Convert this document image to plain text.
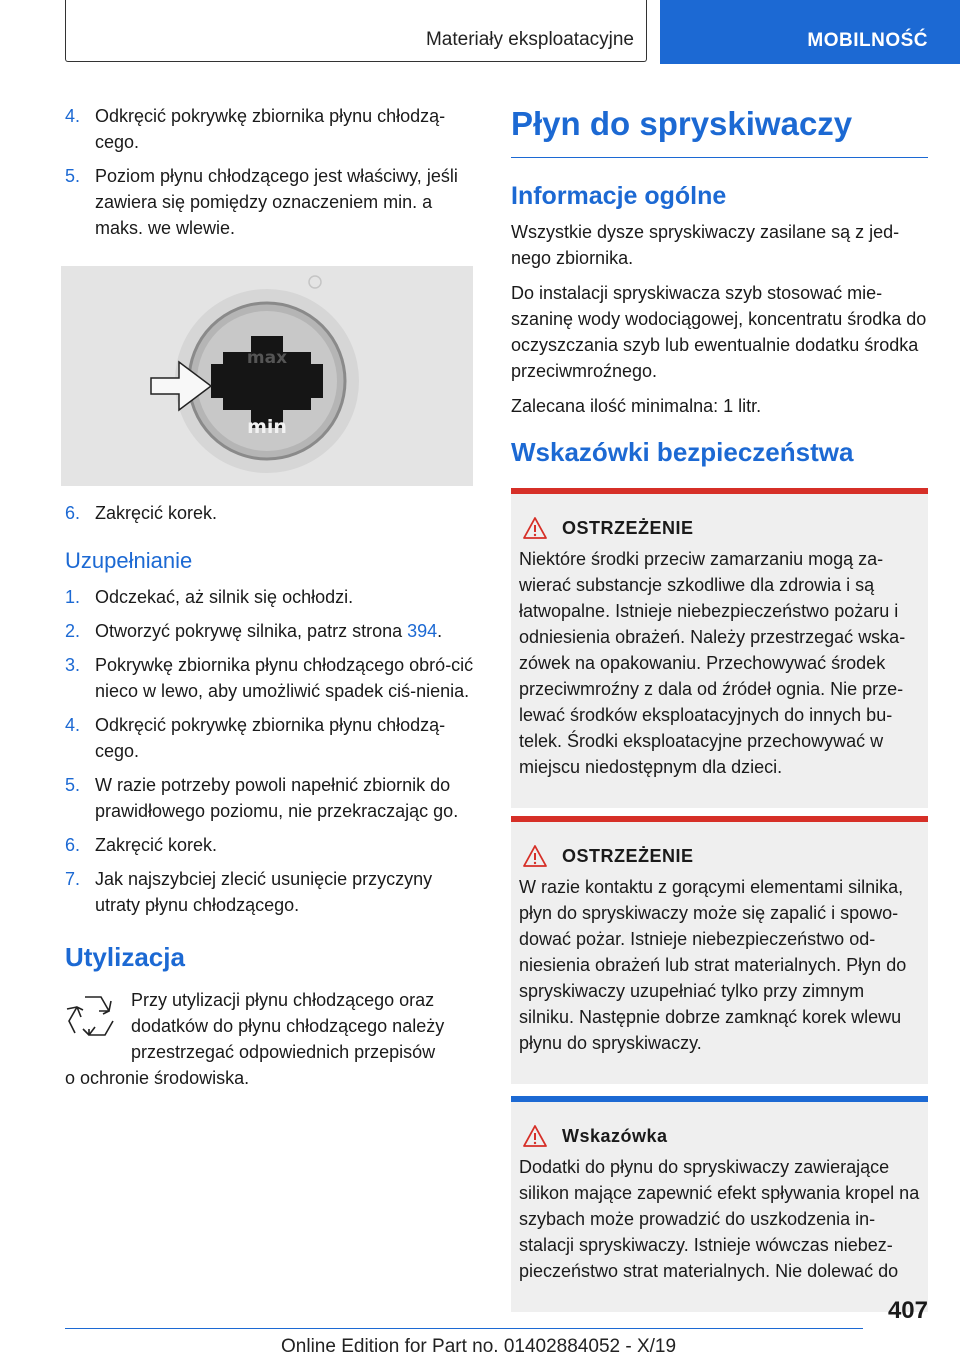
Materiały eksploatacyjne	MOBILNOŚĆ
4. Odkręcić pokrywkę zbiornika płynu chłodzą-cego.
5. Poziom płynu chłodzącego jest właściwy, jeśli zawiera się pomiędzy oznaczeniem min. a maks. we wlewie.
max
min
6. Zakręcić korek.
Uzupełnianie
1. Odczekać, aż silnik się ochłodzi.
2. Otworzyć pokrywę silnika, patrz strona 394.
3. Pokrywkę zbiornika płynu chłodzącego obró-cić nieco w lewo, aby umożliwić spadek ciś-nienia.
4. Odkręcić pokrywkę zbiornika płynu chłodzą-cego.
5. W razie potrzeby powoli napełnić zbiornik do prawidłowego poziomu, nie przekraczając go.
6. Zakręcić korek.
7. Jak najszybciej zlecić usunięcie przyczyny utraty płynu chłodzącego.
Utylizacja
Przy utylizacji płynu chłodzącego oraz
dodatków do płynu chłodzącego należy
przestrzegać odpowiednich przepisów
o ochronie środowiska.
Płyn do spryskiwaczy
Informacje ogólne
Wszystkie dysze spryskiwaczy zasilane są z jed-nego zbiornika.
Do instalacji spryskiwacza szyb stosować mie-szaninę wody wodociągowej, koncentratu środka do oczyszczania szyb lub ewentualnie dodatku środka przeciwmroźnego.
Zalecana ilość minimalna: 1 litr.
Wskazówki bezpieczeństwa
OSTRZEŻENIE
Niektóre środki przeciw zamarzaniu mogą za-wierać substancje szkodliwe dla zdrowia i są łatwopalne. Istnieje niebezpieczeństwo pożaru i odniesienia obrażeń. Należy przestrzegać wska-zówek na opakowaniu. Przechowywać środek przeciwmroźny z dala od źródeł ognia. Nie prze-lewać środków eksploatacyjnych do innych bu-telek. Środki eksploatacyjne przechowywać w miejscu niedostępnym dla dzieci.
OSTRZEŻENIE
W razie kontaktu z gorącymi elementami silnika, płyn do spryskiwaczy może się zapalić i spowo-dować pożar. Istnieje niebezpieczeństwo od-niesienia obrażeń lub strat materialnych. Płyn do spryskiwaczy uzupełniać tylko przy zimnym silniku. Następnie dobrze zamknąć korek wlewu płynu do spryskiwaczy.
Wskazówka
Dodatki do płynu do spryskiwaczy zawierające silikon mające zapewnić efekt spływania kropel na szybach może prowadzić do uszkodzenia in-stalacji spryskiwaczy. Istnieje wówczas niebez-pieczeństwo strat materialnych. Nie dolewać do
407
Online Edition for Part no. 01402884052 - X/19
